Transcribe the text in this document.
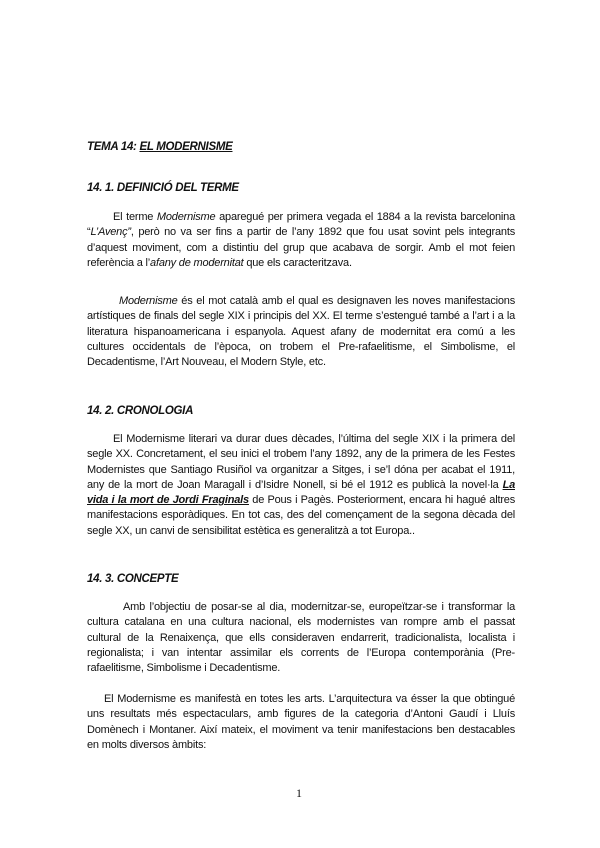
TEMA 14: EL MODERNISME
14. 1. DEFINICIÓ DEL TERME
El terme Modernisme aparegué per primera vegada el 1884 a la revista barcelonina “L’Avenç”, però no va ser fins a partir de l’any 1892 que fou usat sovint pels integrants d’aquest moviment, com a distintiu del grup que acabava de sorgir. Amb el mot feien referència a l’afany de modernitat que els caracteritzava.
Modernisme és el mot català amb el qual es designaven les noves manifestacions artístiques de finals del segle XIX i principis del XX. El terme s’estengué també a l’art i a la literatura hispanoamericana i espanyola. Aquest afany de modernitat era comú a les cultures occidentals de l’època, on trobem el Pre-rafaelitisme, el Simbolisme, el Decadentisme, l’Art Nouveau, el Modern Style, etc.
14. 2. CRONOLOGIA
El Modernisme literari va durar dues dècades, l’última del segle XIX i la primera del segle XX. Concretament, el seu inici el trobem l’any 1892, any de la primera de les Festes Modernistes que Santiago Rusiñol va organitzar a Sitges, i se’l dóna per acabat el 1911, any de la mort de Joan Maragall i d’Isidre Nonell, si bé el 1912 es publicà la novel·la La vida i la mort de Jordi Fraginals de Pous i Pagès. Posteriorment, encara hi hagué altres manifestacions esporàdiques. En tot cas, des del començament de la segona dècada del segle XX, un canvi de sensibilitat estètica es generalitzà a tot Europa..
14. 3. CONCEPTE
Amb l’objectiu de posar-se al dia, modernitzar-se, europeïtzar-se i transformar la cultura catalana en una cultura nacional, els modernistes van rompre amb el passat cultural de la Renaixença, que ells consideraven endarrerit, tradicionalista, localista i regionalista; i van intentar assimilar els corrents de l’Europa contemporània (Pre-rafaelitisme, Simbolisme i Decadentisme.
El Modernisme es manifestà en totes les arts. L’arquitectura va ésser la que obtingué uns resultats més espectaculars, amb figures de la categoria d’Antoni Gaudí i Lluís Domènech i Montaner. Així mateix, el moviment va tenir manifestacions ben destacables en molts diversos àmbits:
1
